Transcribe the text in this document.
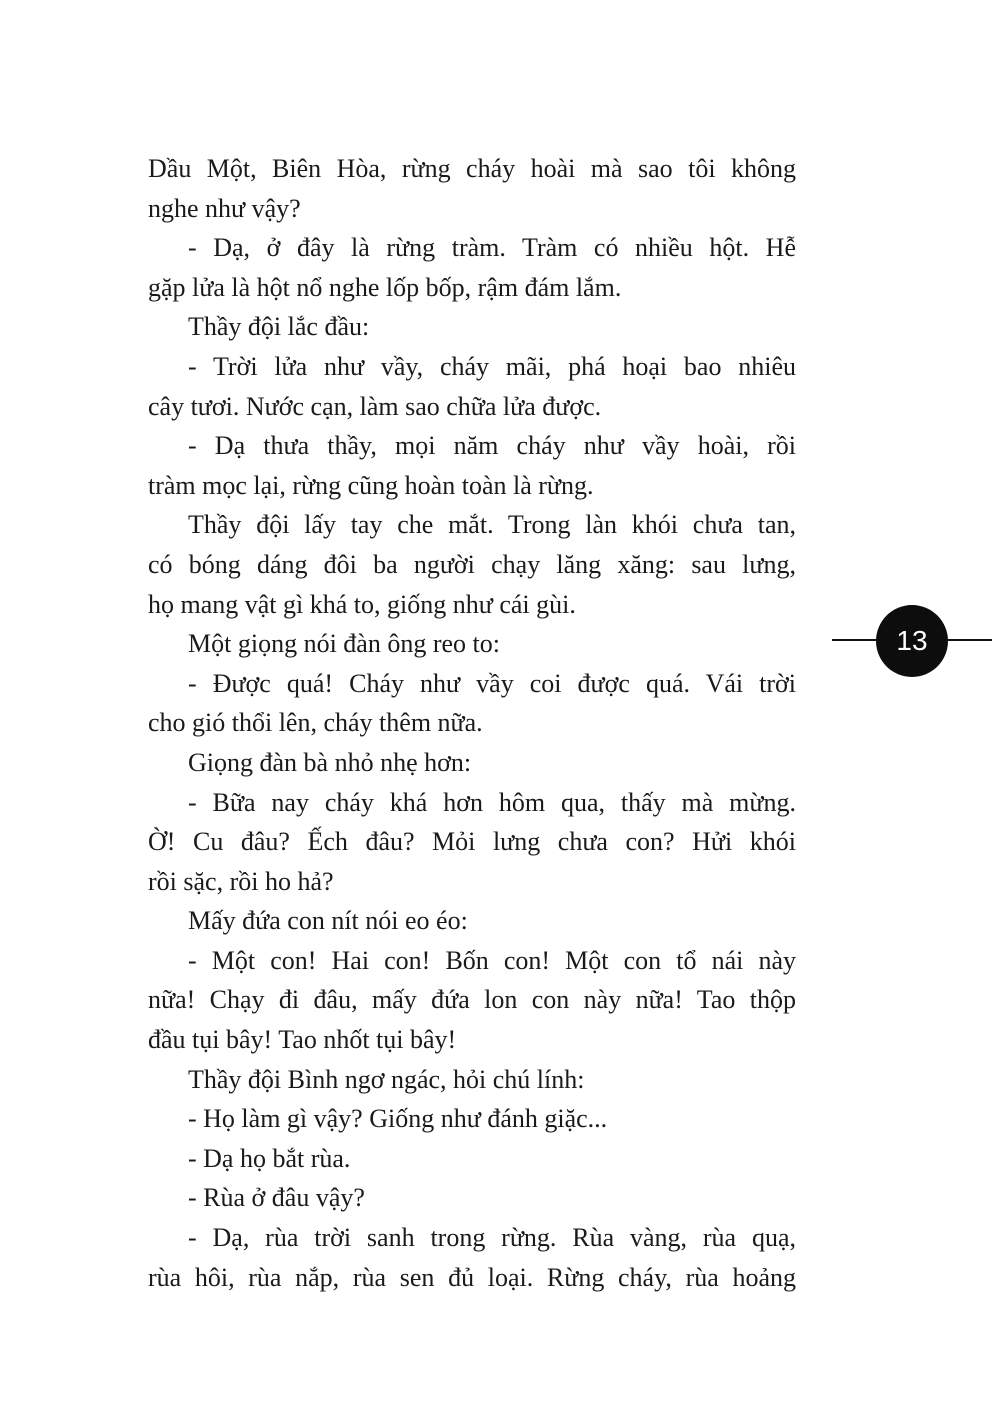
Dầu Một, Biên Hòa, rừng cháy hoài mà sao tôi không
nghe như vậy?
- Dạ, ở đây là rừng tràm. Tràm có nhiều hột. Hễ
gặp lửa là hột nổ nghe lốp bốp, rậm đám lắm.
Thầy đội lắc đầu:
- Trời lửa như vầy, cháy mãi, phá hoại bao nhiêu
cây tươi. Nước cạn, làm sao chữa lửa được.
- Dạ thưa thầy, mọi năm cháy như vầy hoài, rồi
tràm mọc lại, rừng cũng hoàn toàn là rừng.
Thầy đội lấy tay che mắt. Trong làn khói chưa tan,
có bóng dáng đôi ba người chạy lăng xăng: sau lưng,
họ mang vật gì khá to, giống như cái gùi.
Một giọng nói đàn ông reo to:
- Được quá! Cháy như vầy coi được quá. Vái trời
cho gió thổi lên, cháy thêm nữa.
Giọng đàn bà nhỏ nhẹ hơn:
- Bữa nay cháy khá hơn hôm qua, thấy mà mừng.
Ờ! Cu đâu? Ếch đâu? Mỏi lưng chưa con? Hửi khói
rồi sặc, rồi ho hả?
Mấy đứa con nít nói eo éo:
- Một con! Hai con! Bốn con! Một con tổ nái này
nữa! Chạy đi đâu, mấy đứa lon con này nữa! Tao thộp
đầu tụi bây! Tao nhốt tụi bây!
Thầy đội Bình ngơ ngác, hỏi chú lính:
- Họ làm gì vậy? Giống như đánh giặc...
- Dạ họ bắt rùa.
- Rùa ở đâu vậy?
- Dạ, rùa trời sanh trong rừng. Rùa vàng, rùa quạ,
rùa hôi, rùa nắp, rùa sen đủ loại. Rừng cháy, rùa hoảng
13
